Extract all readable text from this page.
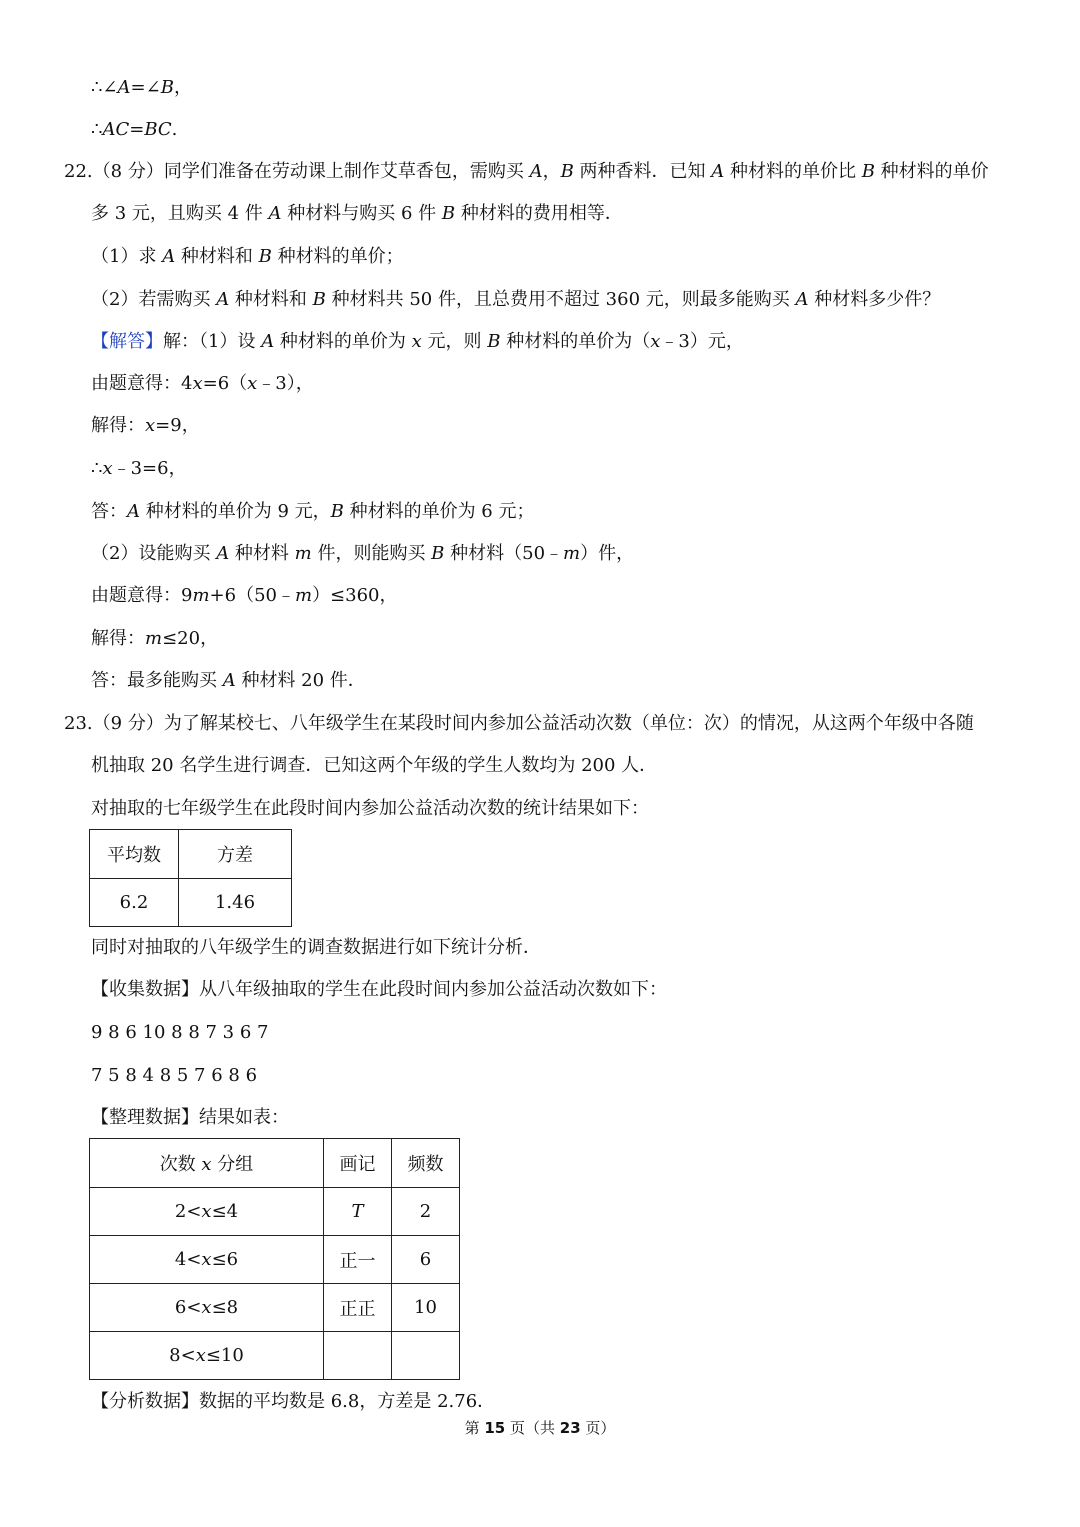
∴∠A=∠B，
∴AC=BC.
22.（8 分）同学们准备在劳动课上制作艾草香包，需购买 A，B 两种香料．已知 A 种材料的单价比 B 种材料的单价
多 3 元，且购买 4 件 A 种材料与购买 6 件 B 种材料的费用相等．
（1）求 A 种材料和 B 种材料的单价；
（2）若需购买 A 种材料和 B 种材料共 50 件，且总费用不超过 360 元，则最多能购买 A 种材料多少件？
【解答】解：（1）设 A 种材料的单价为 x 元，则 B 种材料的单价为（x﹣3）元，
由题意得：4x=6（x﹣3），
解得：x=9，
∴x﹣3=6，
答：A 种材料的单价为 9 元，B 种材料的单价为 6 元；
（2）设能购买 A 种材料 m 件，则能购买 B 种材料（50﹣m）件，
由题意得：9m+6（50﹣m）≤360，
解得：m≤20，
答：最多能购买 A 种材料 20 件．
23.（9 分）为了解某校七、八年级学生在某段时间内参加公益活动次数（单位：次）的情况，从这两个年级中各随
机抽取 20 名学生进行调查．已知这两个年级的学生人数均为 200 人．
对抽取的七年级学生在此段时间内参加公益活动次数的统计结果如下：
平均数	方差
6.2	1.46
同时对抽取的八年级学生的调查数据进行如下统计分析．
【收集数据】从八年级抽取的学生在此段时间内参加公益活动次数如下：
9 8 6 10 8 8 7 3 6 7
7 5 8 4 8 5 7 6 8 6
【整理数据】结果如表：
次数 x 分组	画记	频数
2<x≤4	T	2
4<x≤6	正一	6
6<x≤8	正正	10
8<x≤10		
【分析数据】数据的平均数是 6.8，方差是 2.76．
第 15 页（共 23 页）
